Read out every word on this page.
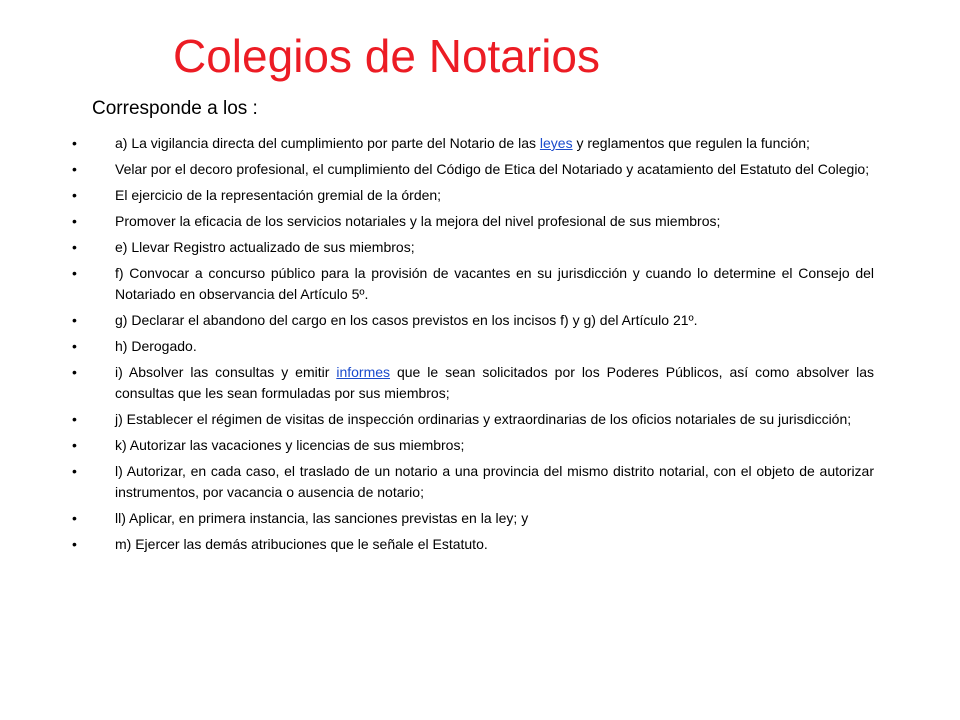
Colegios de Notarios

Corresponde a los :

•	a) La vigilancia directa del cumplimiento por parte del Notario de las leyes y reglamentos que regulen la función;
•	Velar por el decoro profesional, el cumplimiento del Código de Etica del Notariado y acatamiento del Estatuto del Colegio;
•	El ejercicio de la representación gremial de la órden;
•	Promover la eficacia de los servicios notariales y la mejora del nivel profesional de sus miembros;
•	e) Llevar Registro actualizado de sus miembros;
•	f) Convocar a concurso público para la provisión de vacantes en su jurisdicción y cuando lo determine el Consejo del Notariado en observancia del Artículo 5º.
•	g) Declarar el abandono del cargo en los casos previstos en los incisos f) y g) del Artículo 21º.
•	h) Derogado.
•	i) Absolver las consultas y emitir informes que le sean solicitados por los Poderes Públicos, así como absolver las consultas que les sean formuladas por sus miembros;
•	j) Establecer el régimen de visitas de inspección ordinarias y extraordinarias de los oficios notariales de su jurisdicción;
•	k) Autorizar las vacaciones y licencias de sus miembros;
•	l) Autorizar, en cada caso, el traslado de un notario a una provincia del mismo distrito notarial, con el objeto de autorizar instrumentos, por vacancia o ausencia de notario;
•	ll) Aplicar, en primera instancia, las sanciones previstas en la ley; y
•	m) Ejercer las demás atribuciones que le señale el Estatuto.
